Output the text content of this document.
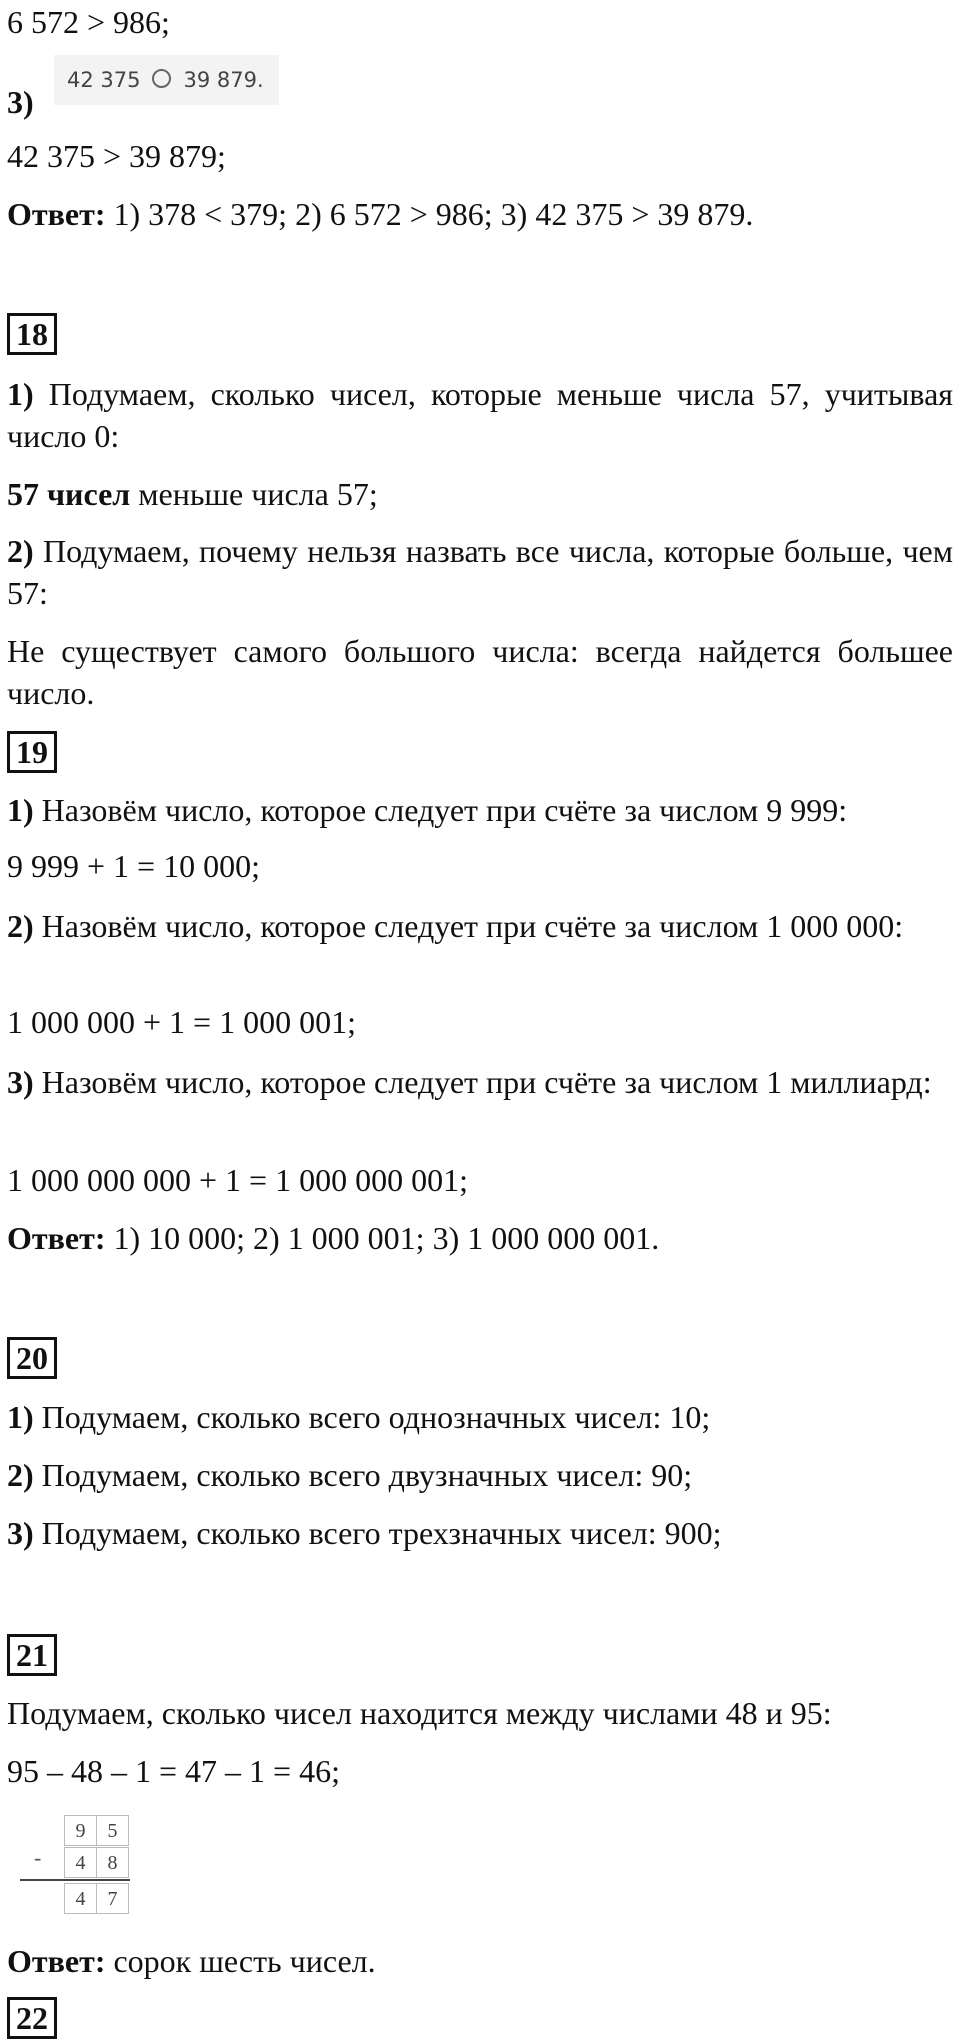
6 572 > 986;
3)
42 375 39 879.
42 375 > 39 879;
Ответ: 1) 378 < 379; 2) 6 572 > 986; 3) 42 375 > 39 879.
18
1) Подумаем, сколько чисел, которые меньше числа 57, учитывая число 0:
57 чисел меньше числа 57;
2) Подумаем, почему нельзя назвать все числа, которые больше, чем 57:
Не существует самого большого числа: всегда найдется большее число.
19
1) Назовём число, которое следует при счёте за числом 9 999:
9 999 + 1 = 10 000;
2) Назовём число, которое следует при счёте за числом 1 000 000:
1 000 000 + 1 = 1 000 001;
3) Назовём число, которое следует при счёте за числом 1 миллиард:
1 000 000 000 + 1 = 1 000 000 001;
Ответ: 1) 10 000; 2) 1 000 001; 3) 1 000 000 001.
20
1) Подумаем, сколько всего однозначных чисел: 10;
2) Подумаем, сколько всего двузначных чисел: 90;
3) Подумаем, сколько всего трехзначных чисел: 900;
21
Подумаем, сколько чисел находится между числами 48 и 95:
95 – 48 – 1 = 47 – 1 = 46;
-
9	5
4	8
4	7
Ответ: сорок шесть чисел.
22
